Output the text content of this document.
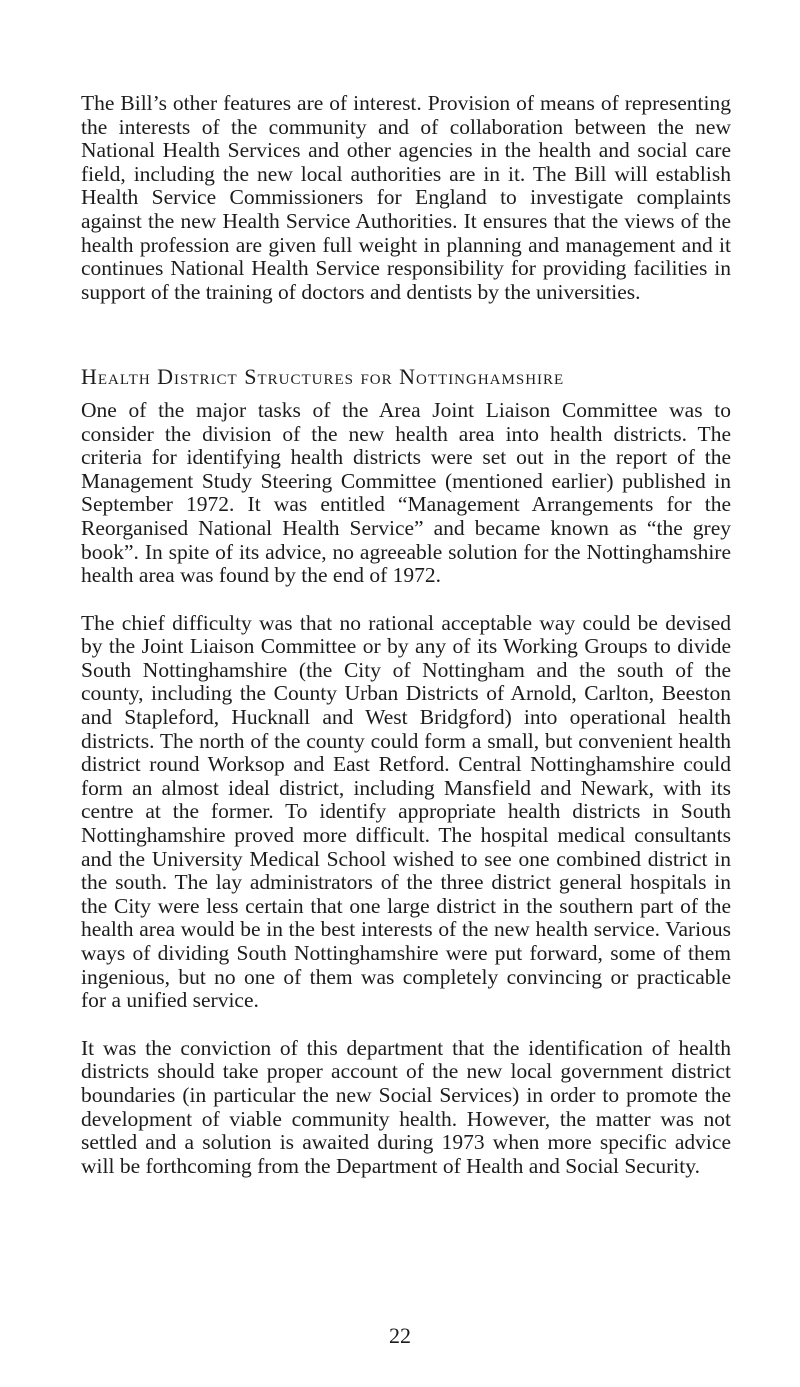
The Bill’s other features are of interest. Provision of means of representing the interests of the community and of collaboration between the new National Health Services and other agencies in the health and social care field, including the new local authorities are in it. The Bill will establish Health Service Commissioners for England to investigate complaints against the new Health Service Authorities. It ensures that the views of the health profession are given full weight in planning and management and it continues National Health Service responsibility for providing facilities in support of the training of doctors and dentists by the universities.

Health District Structures for Nottinghamshire

One of the major tasks of the Area Joint Liaison Committee was to consider the division of the new health area into health districts. The criteria for identifying health districts were set out in the report of the Management Study Steering Committee (mentioned earlier) published in September 1972. It was entitled “Management Arrangements for the Reorganised National Health Service” and became known as “the grey book”. In spite of its advice, no agreeable solution for the Nottinghamshire health area was found by the end of 1972.

The chief difficulty was that no rational acceptable way could be devised by the Joint Liaison Committee or by any of its Working Groups to divide South Nottinghamshire (the City of Nottingham and the south of the county, including the County Urban Districts of Arnold, Carlton, Beeston and Stapleford, Hucknall and West Bridgford) into operational health districts. The north of the county could form a small, but convenient health district round Worksop and East Retford. Central Nottinghamshire could form an almost ideal district, including Mansfield and Newark, with its centre at the former. To identify appropriate health districts in South Nottinghamshire proved more difficult. The hospital medical consultants and the University Medical School wished to see one combined district in the south. The lay administrators of the three district general hospitals in the City were less certain that one large district in the southern part of the health area would be in the best interests of the new health service. Various ways of dividing South Nottinghamshire were put forward, some of them ingenious, but no one of them was completely convincing or practicable for a unified service.

It was the conviction of this department that the identification of health districts should take proper account of the new local government district boundaries (in particular the new Social Services) in order to promote the development of viable community health. However, the matter was not settled and a solution is awaited during 1973 when more specific advice will be forthcoming from the Department of Health and Social Security.

22
